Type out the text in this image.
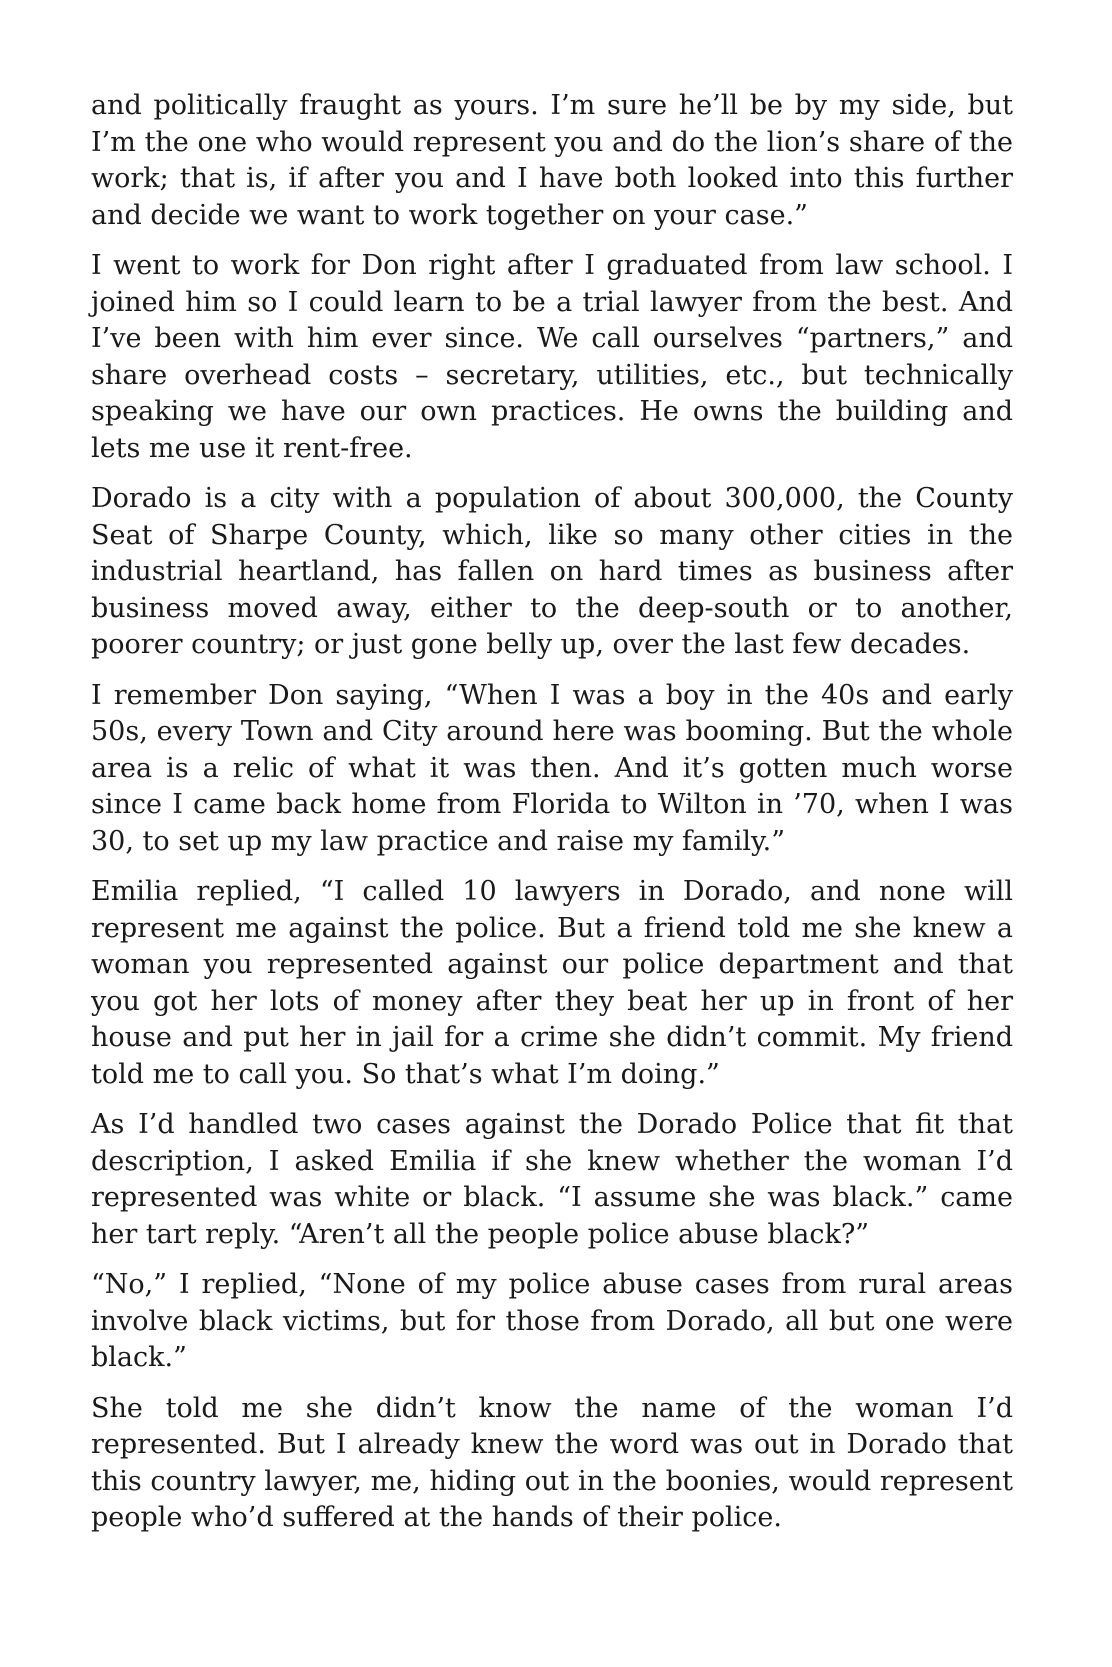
and politically fraught as yours. I’m sure he’ll be by my side, but I’m the one who would represent you and do the lion’s share of the work; that is, if after you and I have both looked into this further and decide we want to work together on your case.”

I went to work for Don right after I graduated from law school. I joined him so I could learn to be a trial lawyer from the best. And I’ve been with him ever since. We call ourselves “partners,” and share overhead costs – secretary, utilities, etc., but technically speaking we have our own practices. He owns the building and lets me use it rent-free.

Dorado is a city with a population of about 300,000, the County Seat of Sharpe County, which, like so many other cities in the industrial heartland, has fallen on hard times as business after business moved away, either to the deep-south or to another, poorer country; or just gone belly up, over the last few decades.

I remember Don saying, “When I was a boy in the 40s and early 50s, every Town and City around here was booming. But the whole area is a relic of what it was then. And it’s gotten much worse since I came back home from Florida to Wilton in ’70, when I was 30, to set up my law practice and raise my family.”

Emilia replied, “I called 10 lawyers in Dorado, and none will represent me against the police. But a friend told me she knew a woman you represented against our police department and that you got her lots of money after they beat her up in front of her house and put her in jail for a crime she didn’t commit. My friend told me to call you. So that’s what I’m doing.”

As I’d handled two cases against the Dorado Police that fit that description, I asked Emilia if she knew whether the woman I’d represented was white or black. “I assume she was black.” came her tart reply. “Aren’t all the people police abuse black?”

“No,” I replied, “None of my police abuse cases from rural areas involve black victims, but for those from Dorado, all but one were black.”

She told me she didn’t know the name of the woman I’d represented. But I already knew the word was out in Dorado that this country lawyer, me, hiding out in the boonies, would represent people who’d suffered at the hands of their police.
